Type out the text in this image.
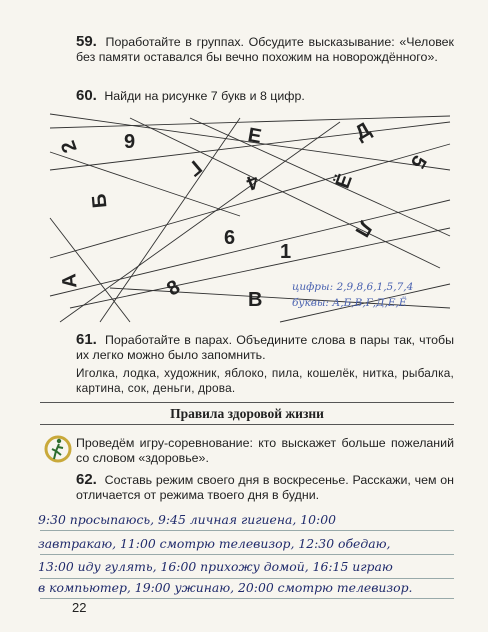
59. Поработайте в группах. Обсудите высказывание: «Человек без памяти оставался бы вечно похожим на новорождённого».
60. Найди на рисунке 7 букв и 8 цифр.
2 9	Е	Д
5
Г
4	Ё
Б
6	Л
1
А	8	В
цифры: 2,9,8,6,1,5,7,4
буквы: А,Б,В,Г,Д,Е,Ё
61. Поработайте в парах. Объедините слова в пары так, чтобы их легко можно было запомнить.
Иголка, лодка, художник, яблоко, пила, кошелёк, нитка, рыбалка, картина, сок, деньги, дрова.
Правила здоровой жизни
Проведём игру-соревнование: кто выскажет больше пожеланий со словом «здоровье».
62. Составь режим своего дня в воскресенье. Расскажи, чем он отличается от режима твоего дня в будни.
9:30 просыпаюсь, 9:45 личная гигиена, 10:00
завтракаю, 11:00 смотрю телевизор, 12:30 обедаю,
13:00 иду гулять, 16:00 прихожу домой, 16:15 играю
в компьютер, 19:00 ужинаю, 20:00 смотрю телевизор.
22
